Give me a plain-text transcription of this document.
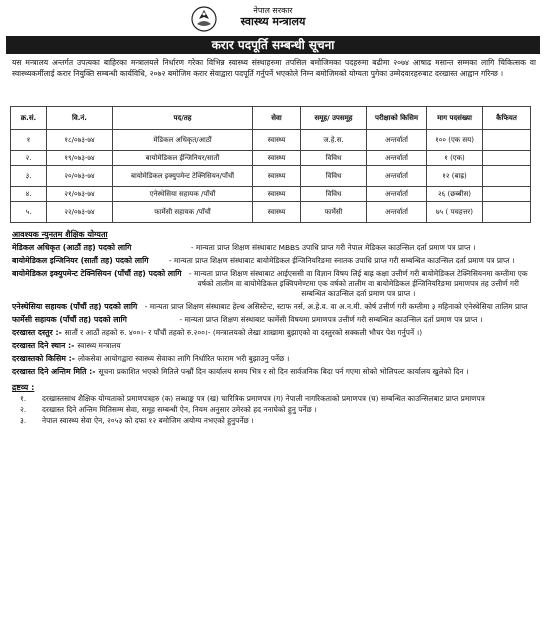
नेपाल सरकार
स्वास्थ्य मन्त्रालय
करार पदपूर्ति सम्बन्धी सूचना
यस मन्त्रालय अन्तर्गत उपत्यका बाहिरका मन्त्रालयले निर्धारण गरेका विभिन्न स्वास्थ्य संस्थाहरुमा तपसिल बमोजिमका पदहरुमा बढीमा २०७४ आषाढ मसान्त सम्मका लागि चिकित्सक वा स्वास्थ्यकर्मीलाई करार नियुक्ति सम्बन्धी कार्यविधि, २०७२ बमोजिम करार सेवाद्वारा पदपूर्ति गर्नुपर्ने भएकोले निम्न बमोजिमको योग्यता पुगेका उम्मेदवारहरुबाट दरखास्त आह्वान गरिन्छ ।
क्र.सं.	वि.नं.	पद/तह	सेवा	समूह/ उपसमूह	परीक्षाको किसिम	माग पदसंख्या	कैफियत
१	१८/०७३-७४	मेडिकल अधिकृत/आठौं	स्वास्थ्य	ज.हे.स.	अन्तर्वार्ता	१०० (एक सय)	
२.	१९/०७३-७४	बायोमेडिकल ईन्जिनियर/सातौं	स्वास्थ्य	विविध	अन्तर्वार्ता	१ (एक)	
३.	२०/०७३-७४	बायोमेडिकल इक्युपमेन्ट टेक्निसियन/पाँचौं	स्वास्थ्य	विविध	अन्तर्वार्ता	१२ (बाह्र)	
४.	२१/०७३-७४	एनेस्थेसिया सहायक /पाँचौं	स्वास्थ्य	विविध	अन्तर्वार्ता	२६ (छब्बीस)	
५.	२२/०७३-७४	फार्मेसी सहायक /पाँचौं	स्वास्थ्य	फार्मेसी	अन्तर्वार्ता	७५ ( पचहत्तर)	
आवश्यक न्युनतम शैक्षिक योग्यता
मेडिकल अधिकृत (आठौं तह) पदको लागि	- मान्यता प्राप्त शिक्षण संस्थाबाट MBBS उपाधि प्राप्त गरी नेपाल मेडिकल काउन्सिल दर्ता प्रमाण पत्र प्राप्त ।
बायोमेडिकल इन्जिनियर (सातौं तह) पदको लागि	- मान्यता प्राप्त शिक्षण संस्थाबाट बायोमेडिकल ईन्जिनियरिङमा स्नातक उपाधि प्राप्त गरी सम्बन्धित काउन्सिल दर्ता प्रमाण पत्र प्राप्त ।
बायोमेडिकल इक्युपमेन्ट टेक्निसियन (पाँचौं तह) पदको लागि	- मान्यता प्राप्त शिक्षण संस्थाबाट आईएससी वा विज्ञान विषय लिई बाह्र कक्षा उत्तीर्ण गरी बायोमेडिकल टेक्निसियनमा कम्तीमा एक वर्षको तालीम वा बायोमेडिकल इक्विपमेण्टमा एक वर्षको तालीम वा बायोमेडिकल ईन्जिनियरिङमा प्रमाणपत्र तह उत्तीर्ण गरी सम्बन्धित काउन्सिल दर्ता प्रमाण पत्र प्राप्त ।
एनेस्थेसिया सहायक (पाँचौं तह) पदको लागि	- मान्यता प्राप्त शिक्षण संस्थाबाट हेल्थ असिस्टेन्ट, स्टाफ नर्स, अ.हे.व. वा अ.न.मी. कोर्ष उत्तीर्ण गरी कम्तीमा ३ महिनाको एनेस्थेसिया तालिम प्राप्त
फार्मेसी सहायक (पाँचौं तह) पदको लागि	- मान्यता प्राप्त शिक्षण संस्थाबाट फार्मेसी विषयमा प्रमाणपत्र उत्तीर्ण गरी सम्बन्धित काउन्सिल दर्ता प्रमाण पत्र प्राप्त ।
दरखास्त दस्तुर :- सातौं र आठौं तहको रु. ४००।- र पाँचौं तहको रु.२००।- (मन्त्रालयको लेखा शाखामा बुझाएको वा दस्तुरको सक्कली भौचर पेश गर्नुपर्ने ।)
दरखास्त दिने स्थान :- स्वास्थ्य मन्त्रालय
दरखास्तको किसिम :- लोकसेवा आयोगद्वारा स्वास्थ्य सेवाका लागि निर्धारित फाराम भरी बुझाउनु पर्नेछ ।
दरखास्त दिने अन्तिम मिति :- सूचना प्रकाशित भएको मितिले पन्ध्रौं दिन कार्यालय समय भित्र र सो दिन सार्वजनिक बिदा पर्न गएमा सोको भोलिपल्ट कार्यालय खुलेको दिन ।
द्रष्टव्य :
१.	दरखास्तसाथ शैक्षिक योग्यताको प्रमाणपत्रहरु (क) लब्धाङ्क पत्र (ख) चारित्रिक प्रमाणपत्र (ग) नेपाली नागरिकताको प्रमाणपत्र (घ) सम्बन्धित काउन्सिलबाट प्राप्त प्रमाणपत्र
२.	दरखास्त दिने अन्तिम मितिसम्म सेवा, समूह सम्बन्धी ऐन, नियम अनुसार उमेरको हद ननाघेको हुनु पर्नेछ ।
३.	नेपाल स्वास्थ्य सेवा ऐन, २०५३ को दफा १२ बमोजिम अयोग्य नभएको हुनुपर्नेछ ।
